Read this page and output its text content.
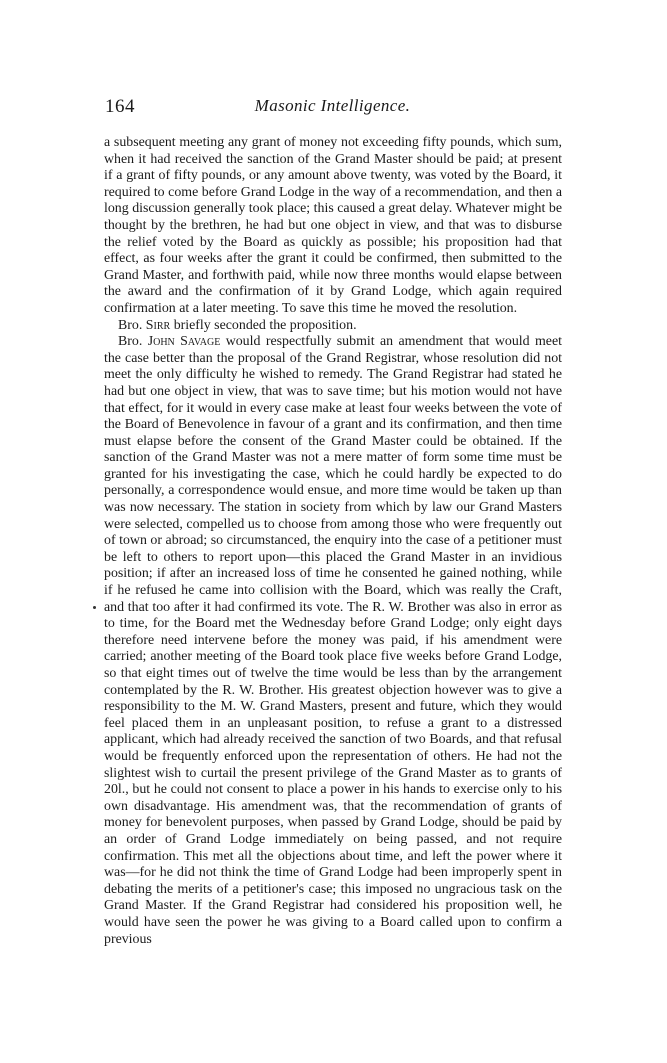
164	Masonic Intelligence.

a subsequent meeting any grant of money not exceeding fifty pounds, which sum, when it had received the sanction of the Grand Master should be paid; at present if a grant of fifty pounds, or any amount above twenty, was voted by the Board, it required to come before Grand Lodge in the way of a recommendation, and then a long discussion generally took place; this caused a great delay. Whatever might be thought by the brethren, he had but one object in view, and that was to disburse the relief voted by the Board as quickly as possible; his proposition had that effect, as four weeks after the grant it could be confirmed, then submitted to the Grand Master, and forthwith paid, while now three months would elapse between the award and the confirmation of it by Grand Lodge, which again required confirmation at a later meeting. To save this time he moved the resolution.

Bro. Sirr briefly seconded the proposition.

Bro. John Savage would respectfully submit an amendment that would meet the case better than the proposal of the Grand Registrar, whose resolution did not meet the only difficulty he wished to remedy. The Grand Registrar had stated he had but one object in view, that was to save time; but his motion would not have that effect, for it would in every case make at least four weeks between the vote of the Board of Benevolence in favour of a grant and its confirmation, and then time must elapse before the consent of the Grand Master could be obtained. If the sanction of the Grand Master was not a mere matter of form some time must be granted for his investigating the case, which he could hardly be expected to do personally, a correspondence would ensue, and more time would be taken up than was now necessary. The station in society from which by law our Grand Masters were selected, compelled us to choose from among those who were frequently out of town or abroad; so circumstanced, the enquiry into the case of a petitioner must be left to others to report upon—this placed the Grand Master in an invidious position; if after an increased loss of time he consented he gained nothing, while if he refused he came into collision with the Board, which was really the Craft, and that too after it had confirmed its vote. The R. W. Brother was also in error as to time, for the Board met the Wednesday before Grand Lodge; only eight days therefore need intervene before the money was paid, if his amendment were carried; another meeting of the Board took place five weeks before Grand Lodge, so that eight times out of twelve the time would be less than by the arrangement contemplated by the R. W. Brother. His greatest objection however was to give a responsibility to the M. W. Grand Masters, present and future, which they would feel placed them in an unpleasant position, to refuse a grant to a distressed applicant, which had already received the sanction of two Boards, and that refusal would be frequently enforced upon the representation of others. He had not the slightest wish to curtail the present privilege of the Grand Master as to grants of 20l., but he could not consent to place a power in his hands to exercise only to his own disadvantage. His amendment was, that the recommendation of grants of money for benevolent purposes, when passed by Grand Lodge, should be paid by an order of Grand Lodge immediately on being passed, and not require confirmation. This met all the objections about time, and left the power where it was—for he did not think the time of Grand Lodge had been improperly spent in debating the merits of a petitioner's case; this imposed no ungracious task on the Grand Master. If the Grand Registrar had considered his proposition well, he would have seen the power he was giving to a Board called upon to confirm a previous
